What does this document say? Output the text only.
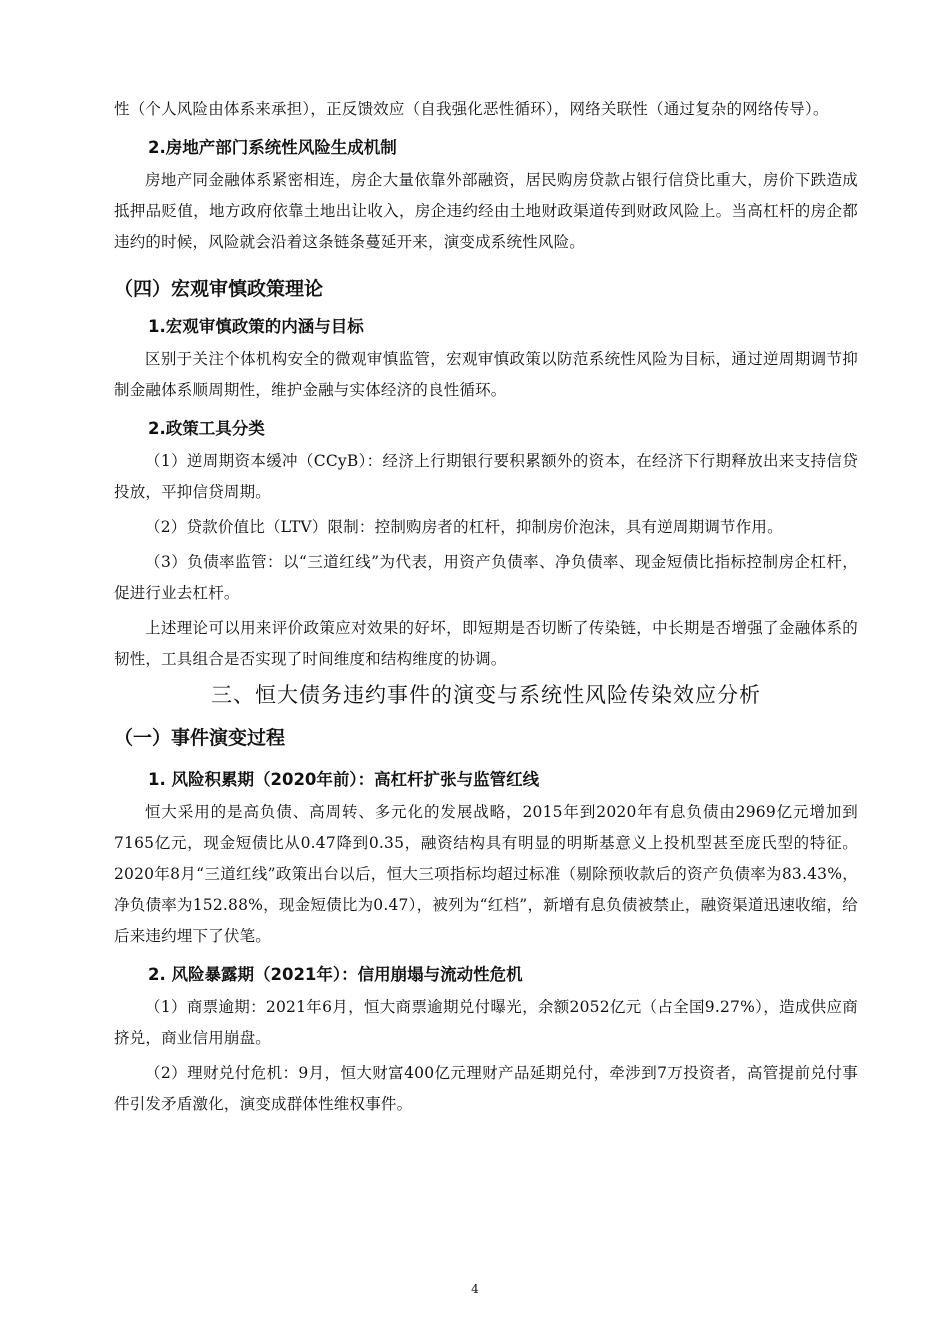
性（个人风险由体系来承担），正反馈效应（自我强化恶性循环），网络关联性（通过复杂的网络传导）。

2.房地产部门系统性风险生成机制

房地产同金融体系紧密相连，房企大量依靠外部融资，居民购房贷款占银行信贷比重大，房价下跌造成抵押品贬值，地方政府依靠土地出让收入，房企违约经由土地财政渠道传到财政风险上。当高杠杆的房企都违约的时候，风险就会沿着这条链条蔓延开来，演变成系统性风险。

（四）宏观审慎政策理论
1.宏观审慎政策的内涵与目标

区别于关注个体机构安全的微观审慎监管，宏观审慎政策以防范系统性风险为目标，通过逆周期调节抑制金融体系顺周期性，维护金融与实体经济的良性循环。

2.政策工具分类

（1）逆周期资本缓冲（CCyB）：经济上行期银行要积累额外的资本，在经济下行期释放出来支持信贷投放，平抑信贷周期。

（2）贷款价值比（LTV）限制：控制购房者的杠杆，抑制房价泡沫，具有逆周期调节作用。

（3）负债率监管：以“三道红线”为代表，用资产负债率、净负债率、现金短债比指标控制房企杠杆，促进行业去杠杆。

上述理论可以用来评价政策应对效果的好坏，即短期是否切断了传染链，中长期是否增强了金融体系的韧性，工具组合是否实现了时间维度和结构维度的协调。

三、恒大债务违约事件的演变与系统性风险传染效应分析
（一）事件演变过程
1. 风险积累期（2020年前）：高杠杆扩张与监管红线

恒大采用的是高负债、高周转、多元化的发展战略，2015年到2020年有息负债由2969亿元增加到7165亿元，现金短债比从0.47降到0.35，融资结构具有明显的明斯基意义上投机型甚至庞氏型的特征。2020年8月“三道红线”政策出台以后，恒大三项指标均超过标准（剔除预收款后的资产负债率为83.43%，净负债率为152.88%，现金短债比为0.47），被列为“红档”，新增有息负债被禁止，融资渠道迅速收缩，给后来违约埋下了伏笔。

2. 风险暴露期（2021年）：信用崩塌与流动性危机

（1）商票逾期：2021年6月，恒大商票逾期兑付曝光，余额2052亿元（占全国9.27%），造成供应商挤兑，商业信用崩盘。

（2）理财兑付危机：9月，恒大财富400亿元理财产品延期兑付，牵涉到7万投资者，高管提前兑付事件引发矛盾激化，演变成群体性维权事件。

4
